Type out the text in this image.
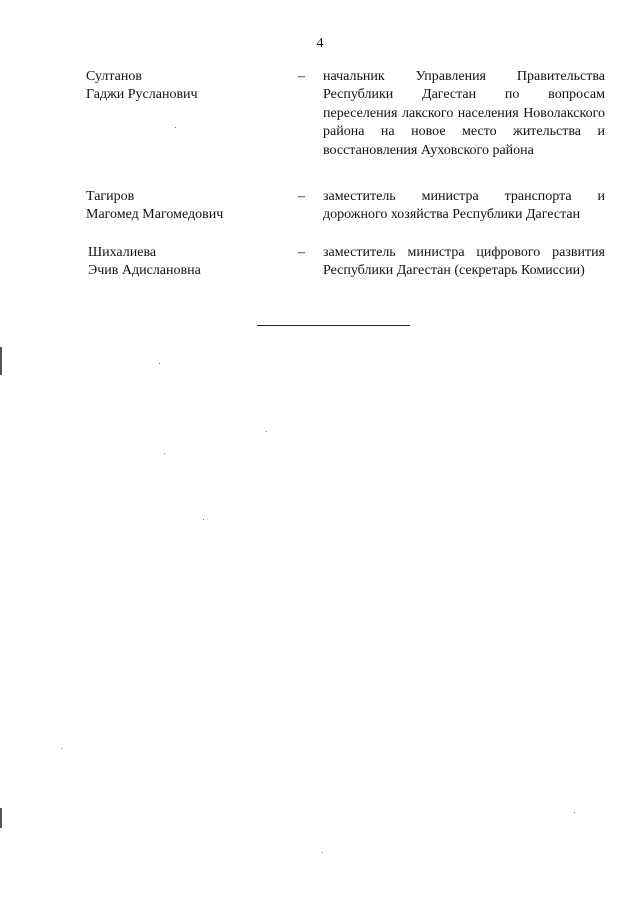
4
Султанов
Гаджи Русланович
– начальник Управления Правительства Республики Дагестан по вопросам переселения лакского населения Новолакского района на новое место жительства и восстановления Ауховского района
Тагиров
Магомед Магомедович
– заместитель министра транспорта и дорожного хозяйства Республики Дагестан
Шихалиева
Эчив Адислановна
– заместитель министра цифрового развития Республики Дагестан (секретарь Комиссии)
